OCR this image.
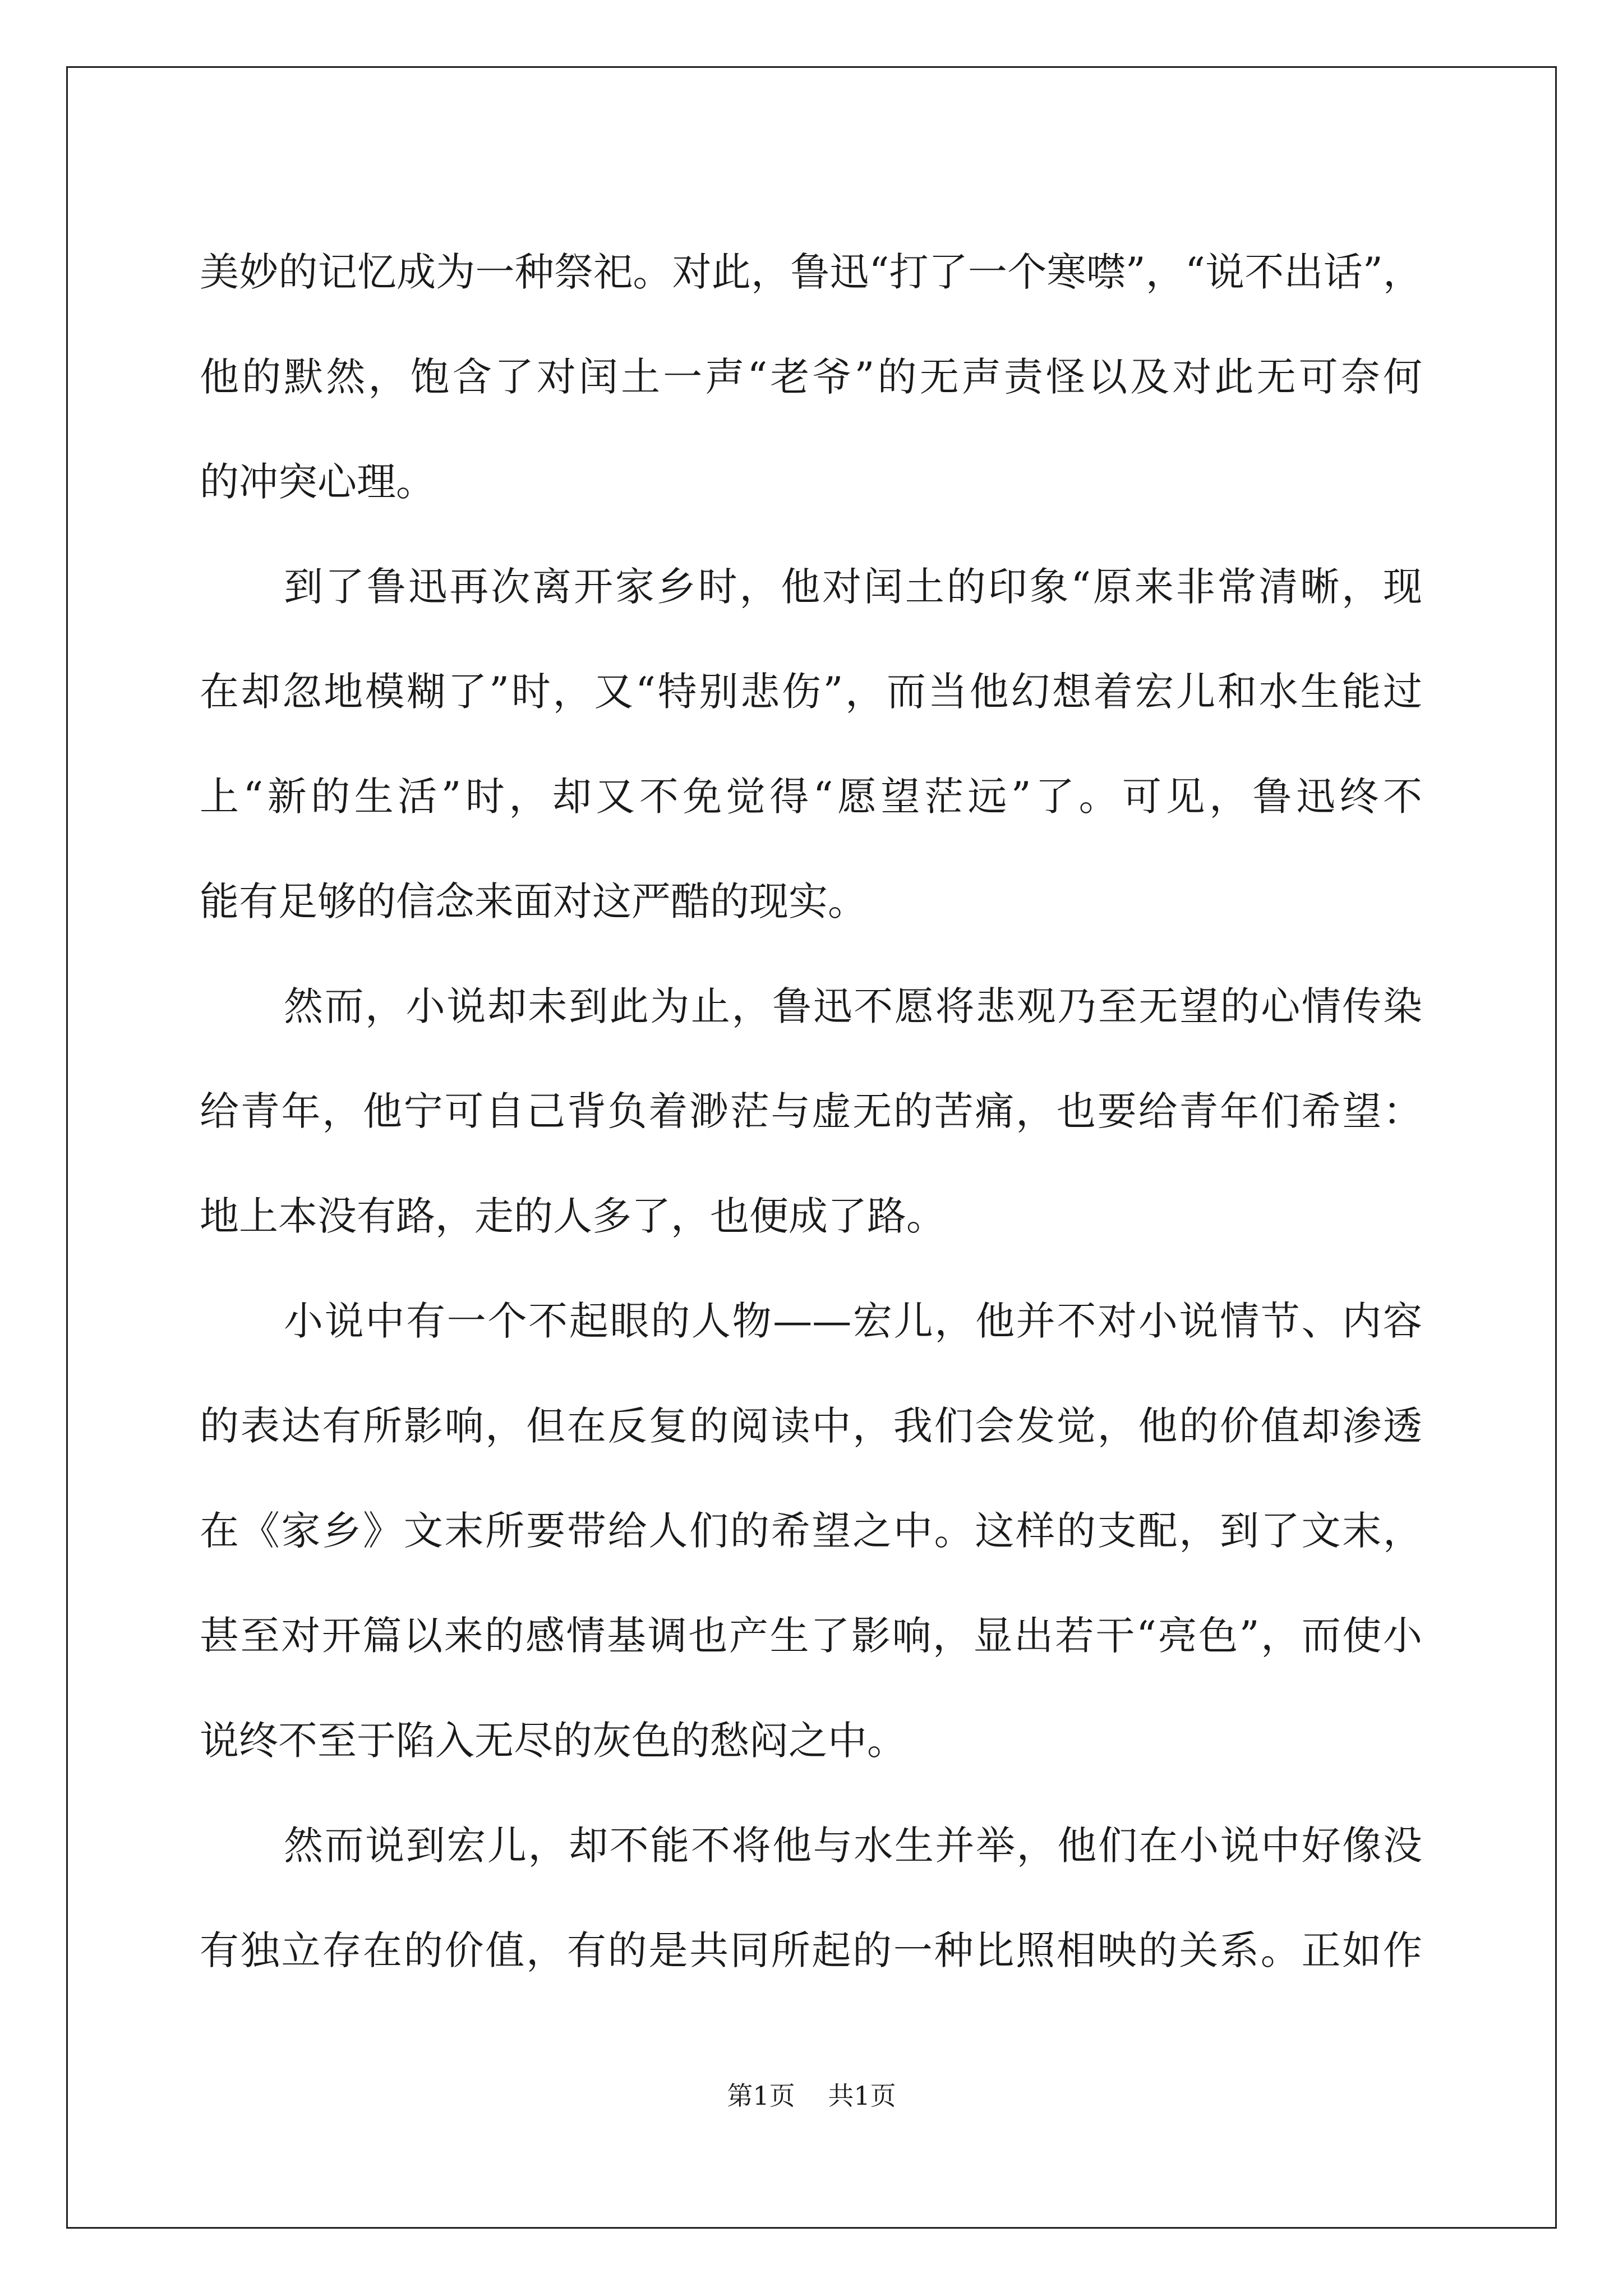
美妙的记忆成为一种祭祀。对此，鲁迅“打了一个寒噤”，“说不出话”，
他的默然，饱含了对闰土一声“老爷”的无声责怪以及对此无可奈何
的冲突心理。
到了鲁迅再次离开家乡时，他对闰土的印象“原来非常清晰，现
在却忽地模糊了”时，又“特别悲伤”，而当他幻想着宏儿和水生能过
上“新的生活”时，却又不免觉得“愿望茫远”了。可见，鲁迅终不
能有足够的信念来面对这严酷的现实。
然而，小说却未到此为止，鲁迅不愿将悲观乃至无望的心情传染
给青年，他宁可自己背负着渺茫与虚无的苦痛，也要给青年们希望：
地上本没有路，走的人多了，也便成了路。
小说中有一个不起眼的人物——宏儿，他并不对小说情节、内容
的表达有所影响，但在反复的阅读中，我们会发觉，他的价值却渗透
在《家乡》文末所要带给人们的希望之中。这样的支配，到了文末，
甚至对开篇以来的感情基调也产生了影响，显出若干“亮色”，而使小
说终不至于陷入无尽的灰色的愁闷之中。
然而说到宏儿，却不能不将他与水生并举，他们在小说中好像没
有独立存在的价值，有的是共同所起的一种比照相映的关系。正如作
第1页 共1页
